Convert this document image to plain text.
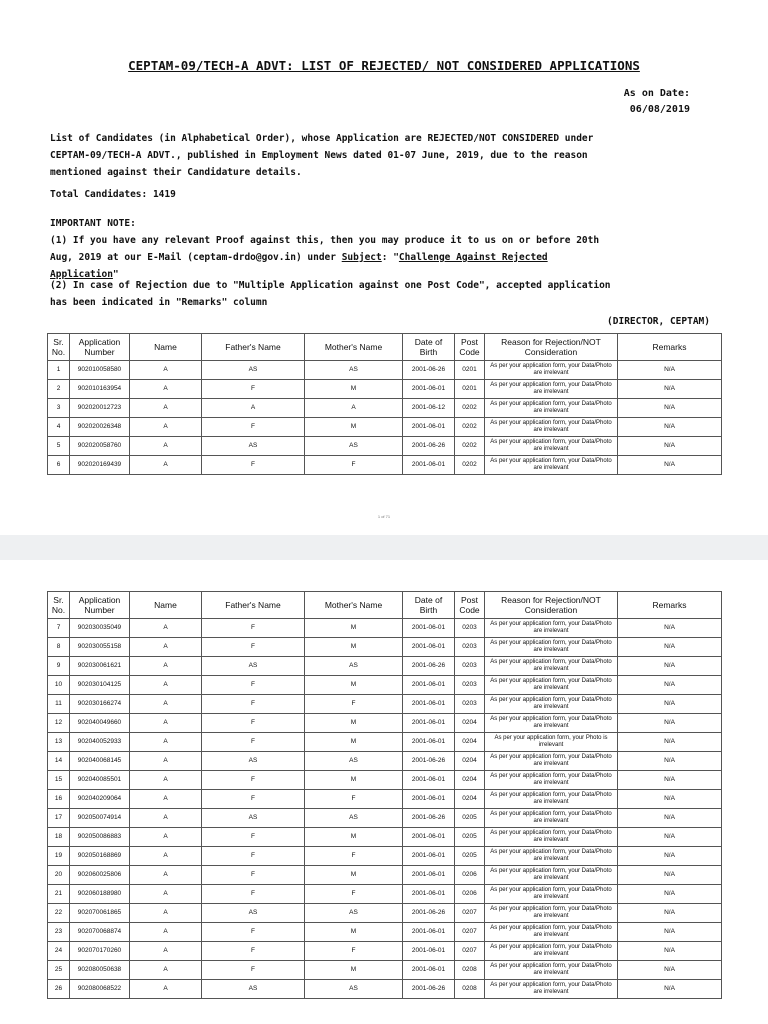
CEPTAM-09/TECH-A ADVT: LIST OF REJECTED/ NOT CONSIDERED APPLICATIONS
As on Date:
06/08/2019

List of Candidates (in Alphabetical Order), whose Application are REJECTED/NOT CONSIDERED under CEPTAM-09/TECH-A ADVT., published in Employment News dated 01-07 June, 2019, due to the reason mentioned against their Candidature details.

Total Candidates: 1419

IMPORTANT NOTE:

(1) If you have any relevant Proof against this, then you may produce it to us on or before 20th Aug, 2019 at our E-Mail (ceptam-drdo@gov.in) under Subject: "Challenge Against Rejected Application"

(2) In case of Rejection due to "Multiple Application against one Post Code", accepted application has been indicated in "Remarks" column
(DIRECTOR, CEPTAM)
Sr. No.	Application Number	Name	Father's Name	Mother's Name	Date of Birth	Post Code	Reason for Rejection/NOT Consideration	Remarks
1	902010058580	A	AS	AS	2001-06-26	0201	As per your application form, your Data/Photo are irrelevant	N/A
2	902010163954	A	F	M	2001-06-01	0201	As per your application form, your Data/Photo are irrelevant	N/A
3	902020012723	A	A	A	2001-06-12	0202	As per your application form, your Data/Photo are irrelevant	N/A
4	902020026348	A	F	M	2001-06-01	0202	As per your application form, your Data/Photo are irrelevant	N/A
5	902020058760	A	AS	AS	2001-06-26	0202	As per your application form, your Data/Photo are irrelevant	N/A
6	902020169439	A	F	F	2001-06-01	0202	As per your application form, your Data/Photo are irrelevant	N/A
1 of 71
Sr. No.	Application Number	Name	Father's Name	Mother's Name	Date of Birth	Post Code	Reason for Rejection/NOT Consideration	Remarks
7	902030035049	A	F	M	2001-06-01	0203	As per your application form, your Data/Photo are irrelevant	N/A
8	902030055158	A	F	M	2001-06-01	0203	As per your application form, your Data/Photo are irrelevant	N/A
9	902030061621	A	AS	AS	2001-06-26	0203	As per your application form, your Data/Photo are irrelevant	N/A
10	902030104125	A	F	M	2001-06-01	0203	As per your application form, your Data/Photo are irrelevant	N/A
11	902030166274	A	F	F	2001-06-01	0203	As per your application form, your Data/Photo are irrelevant	N/A
12	902040049660	A	F	M	2001-06-01	0204	As per your application form, your Data/Photo are irrelevant	N/A
13	902040052933	A	F	M	2001-06-01	0204	As per your application form, your Photo is irrelevant	N/A
14	902040068145	A	AS	AS	2001-06-26	0204	As per your application form, your Data/Photo are irrelevant	N/A
15	902040085501	A	F	M	2001-06-01	0204	As per your application form, your Data/Photo are irrelevant	N/A
16	902040209064	A	F	F	2001-06-01	0204	As per your application form, your Data/Photo are irrelevant	N/A
17	902050074914	A	AS	AS	2001-06-26	0205	As per your application form, your Data/Photo are irrelevant	N/A
18	902050086883	A	F	M	2001-06-01	0205	As per your application form, your Data/Photo are irrelevant	N/A
19	902050168869	A	F	F	2001-06-01	0205	As per your application form, your Data/Photo are irrelevant	N/A
20	902060025806	A	F	M	2001-06-01	0206	As per your application form, your Data/Photo are irrelevant	N/A
21	902060188980	A	F	F	2001-06-01	0206	As per your application form, your Data/Photo are irrelevant	N/A
22	902070061865	A	AS	AS	2001-06-26	0207	As per your application form, your Data/Photo are irrelevant	N/A
23	902070068874	A	F	M	2001-06-01	0207	As per your application form, your Data/Photo are irrelevant	N/A
24	902070170260	A	F	F	2001-06-01	0207	As per your application form, your Data/Photo are irrelevant	N/A
25	902080050638	A	F	M	2001-06-01	0208	As per your application form, your Data/Photo are irrelevant	N/A
26	902080068522	A	AS	AS	2001-06-26	0208	As per your application form, your Data/Photo are irrelevant	N/A
